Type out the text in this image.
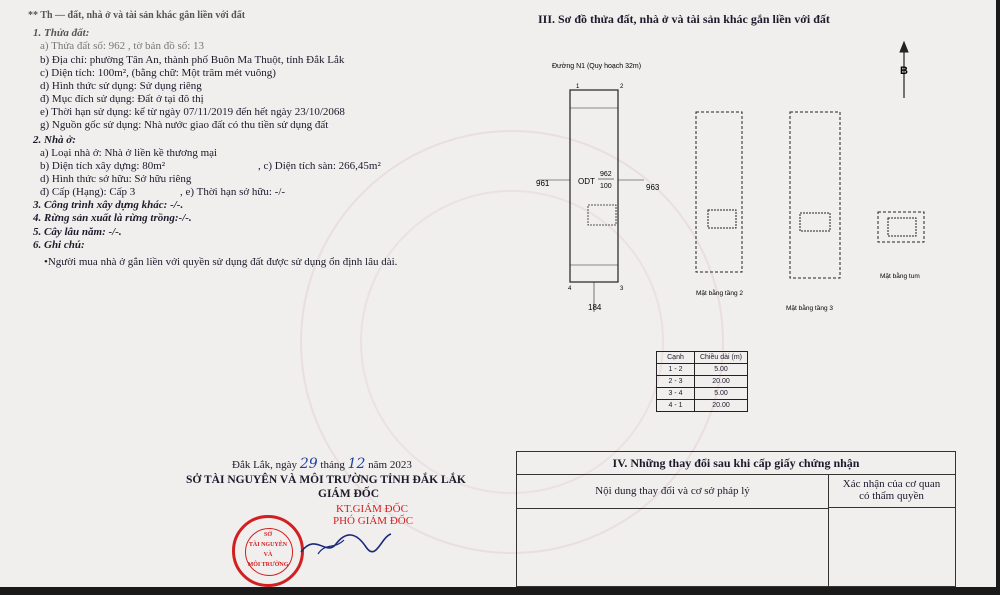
** Th — đất, nhà ở và tài sản khác gắn liền với đất
1. Thửa đất:
a) Thửa đất số: 962 , tờ bản đồ số: 13
b) Địa chỉ: phường Tân An, thành phố Buôn Ma Thuột, tỉnh Đắk Lắk
c) Diện tích: 100m², (bằng chữ: Một trăm mét vuông)
d) Hình thức sử dụng: Sử dụng riêng
đ) Mục đích sử dụng: Đất ở tại đô thị
e) Thời hạn sử dụng: kể từ ngày 07/11/2019 đến hết ngày 23/10/2068
g) Nguồn gốc sử dụng: Nhà nước giao đất có thu tiền sử dụng đất
2. Nhà ở:
a) Loại nhà ở: Nhà ở liền kề thương mại
b) Diện tích xây dựng: 80m²	, c) Diện tích sàn: 266,45m²
d) Hình thức sở hữu: Sở hữu riêng
đ) Cấp (Hạng): Cấp 3	, e) Thời hạn sở hữu: -/-
3. Công trình xây dựng khác: -/-.
4. Rừng sản xuất là rừng trồng:-/-.
5. Cây lâu năm: -/-.
6. Ghi chú:
•Người mua nhà ở gắn liền với quyền sử dụng đất được sử dụng ổn định lâu dài.
Đắk Lắk, ngày 29 tháng 12 năm 2023
SỞ TÀI NGUYÊN VÀ MÔI TRƯỜNG TỈNH ĐẮK LẮK
GIÁM ĐỐC
KT.GIÁM ĐỐC
PHÓ GIÁM ĐỐC
SỞ
TÀI NGUYÊN
VÀ
MÔI TRƯỜNG
III. Sơ đồ thửa đất, nhà ở và tài sản khác gắn liền với đất
Đường N1 (Quy hoạch 32m)	B
ODT
962
100
961	963
184
1	2
3
4
Mặt bằng tầng 2
Mặt bằng tầng 3
Mặt bằng tum
Cạnh	Chiều dài (m)
1 - 2	5.00
2 - 3	20.00
3 - 4	5.00
4 - 1	20.00
IV. Những thay đổi sau khi cấp giấy chứng nhận
Nội dung thay đổi và cơ sở pháp lý
Xác nhận của cơ quan
có thẩm quyền
